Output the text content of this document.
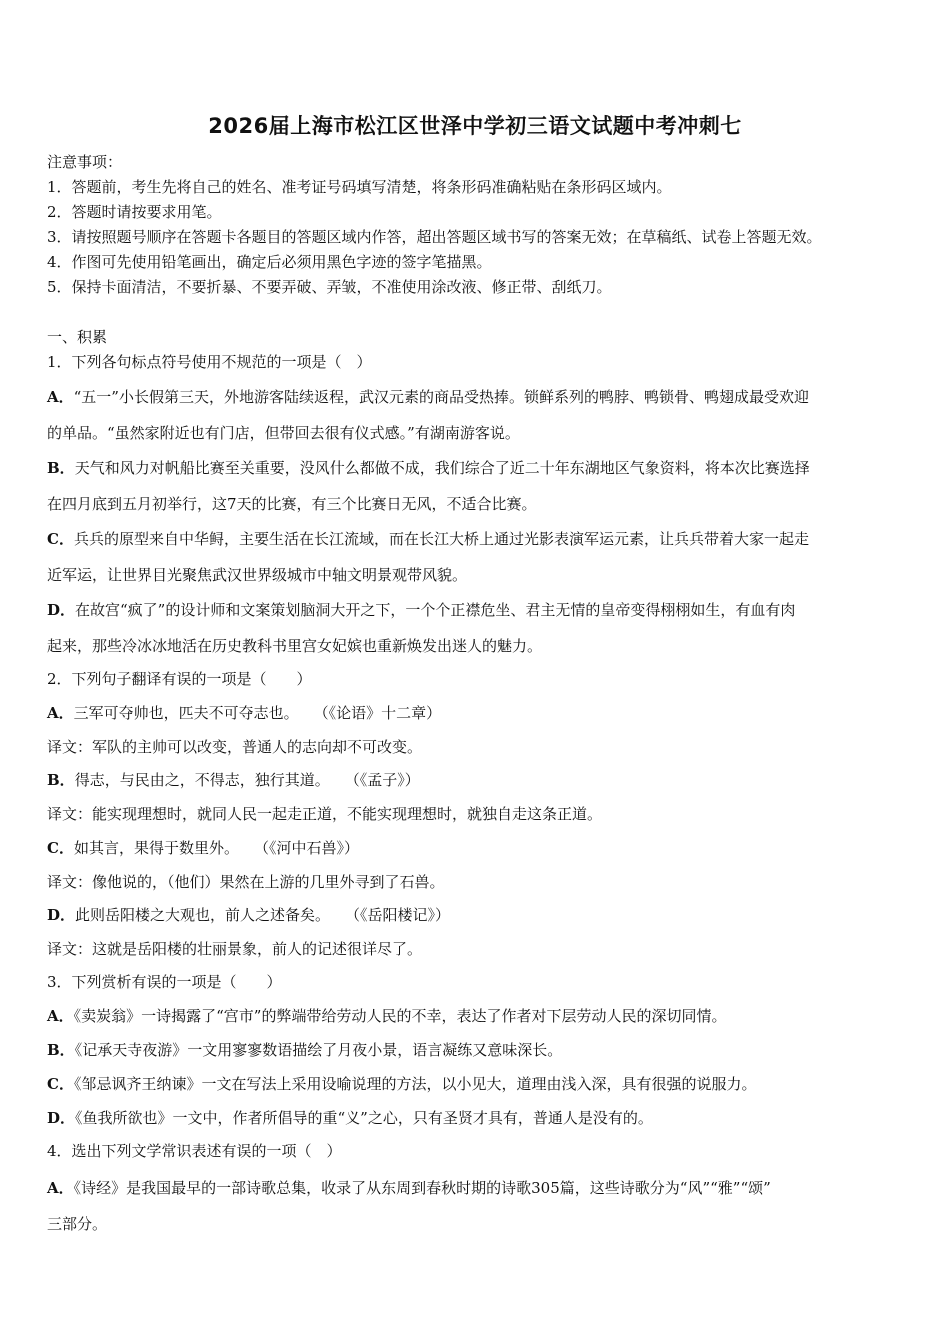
2026届上海市松江区世泽中学初三语文试题中考冲刺七
注意事项：
1．答题前，考生先将自己的姓名、准考证号码填写清楚，将条形码准确粘贴在条形码区域内。
2．答题时请按要求用笔。
3．请按照题号顺序在答题卡各题目的答题区域内作答，超出答题区域书写的答案无效；在草稿纸、试卷上答题无效。
4．作图可先使用铅笔画出，确定后必须用黑色字迹的签字笔描黑。
5．保持卡面清洁，不要折暴、不要弄破、弄皱，不准使用涂改液、修正带、刮纸刀。
一、积累
1．下列各句标点符号使用不规范的一项是（　）
A．“五一”小长假第三天，外地游客陆续返程，武汉元素的商品受热捧。锁鲜系列的鸭脖、鸭锁骨、鸭翅成最受欢迎
的单品。“虽然家附近也有门店，但带回去很有仪式感。”有湖南游客说。
B．天气和风力对帆船比赛至关重要，没风什么都做不成，我们综合了近二十年东湖地区气象资料，将本次比赛选择
在四月底到五月初举行，这7天的比赛，有三个比赛日无风，不适合比赛。
C．兵兵的原型来自中华鲟，主要生活在长江流域，而在长江大桥上通过光影表演军运元素，让兵兵带着大家一起走
近军运，让世界目光聚焦武汉世界级城市中轴文明景观带风貌。
D．在故宫“疯了”的设计师和文案策划脑洞大开之下，一个个正襟危坐、君主无情的皇帝变得栩栩如生，有血有肉
起来，那些冷冰冰地活在历史教科书里宫女妃嫔也重新焕发出迷人的魅力。
2．下列句子翻译有误的一项是（　　）
A．三军可夺帅也，匹夫不可夺志也。　　（《论语》十二章）
译文：军队的主帅可以改变，普通人的志向却不可改变。
B．得志，与民由之，不得志，独行其道。　　（《孟子》）
译文：能实现理想时，就同人民一起走正道，不能实现理想时，就独自走这条正道。
C．如其言，果得于数里外。　　（《河中石兽》）
译文：像他说的，（他们）果然在上游的几里外寻到了石兽。
D．此则岳阳楼之大观也，前人之述备矣。　　（《岳阳楼记》）
译文：这就是岳阳楼的壮丽景象，前人的记述很详尽了。
3．下列赏析有误的一项是（　　）
A．《卖炭翁》一诗揭露了“宫市”的弊端带给劳动人民的不幸，表达了作者对下层劳动人民的深切同情。
B．《记承天寺夜游》一文用寥寥数语描绘了月夜小景，语言凝练又意味深长。
C．《邹忌讽齐王纳谏》一文在写法上采用设喻说理的方法，以小见大，道理由浅入深，具有很强的说服力。
D．《鱼我所欲也》一文中，作者所倡导的重“义”之心，只有圣贤才具有，普通人是没有的。
4．选出下列文学常识表述有误的一项（　）
A．《诗经》是我国最早的一部诗歌总集，收录了从东周到春秋时期的诗歌305篇，这些诗歌分为“风”“雅”“颂”
三部分。
